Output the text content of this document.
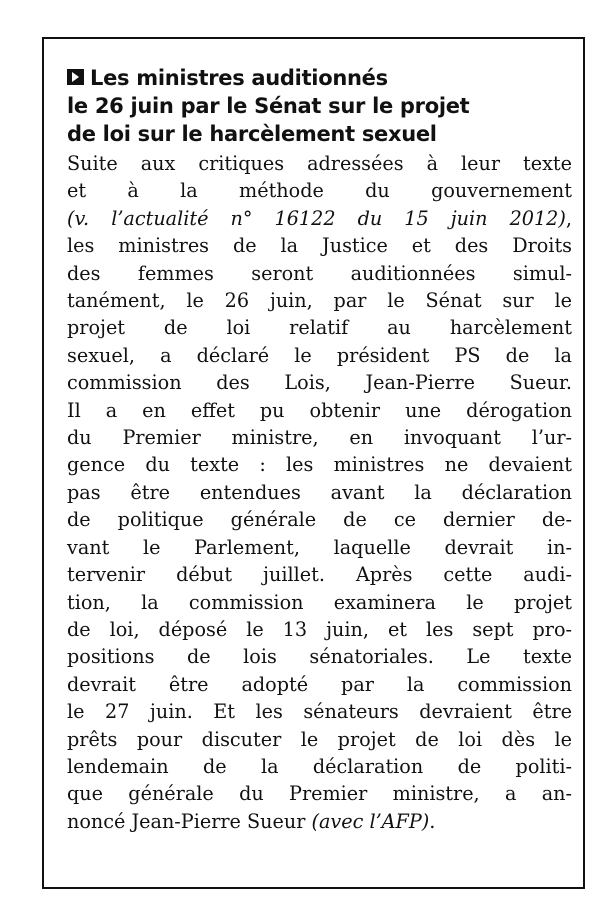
Les ministres auditionnés
le 26 juin par le Sénat sur le projet
de loi sur le harcèlement sexuel
Suite aux critiques adressées à leur texte
et à la méthode du gouvernement
(v. l’actualité n° 16122 du 15 juin 2012),
les ministres de la Justice et des Droits
des femmes seront auditionnées simul-
tanément, le 26 juin, par le Sénat sur le
projet de loi relatif au harcèlement
sexuel, a déclaré le président PS de la
commission des Lois, Jean-Pierre Sueur.
Il a en effet pu obtenir une dérogation
du Premier ministre, en invoquant l’ur-
gence du texte : les ministres ne devaient
pas être entendues avant la déclaration
de politique générale de ce dernier de-
vant le Parlement, laquelle devrait in-
tervenir début juillet. Après cette audi-
tion, la commission examinera le projet
de loi, déposé le 13 juin, et les sept pro-
positions de lois sénatoriales. Le texte
devrait être adopté par la commission
le 27 juin. Et les sénateurs devraient être
prêts pour discuter le projet de loi dès le
lendemain de la déclaration de politi-
que générale du Premier ministre, a an-
noncé Jean-Pierre Sueur (avec l’AFP).
